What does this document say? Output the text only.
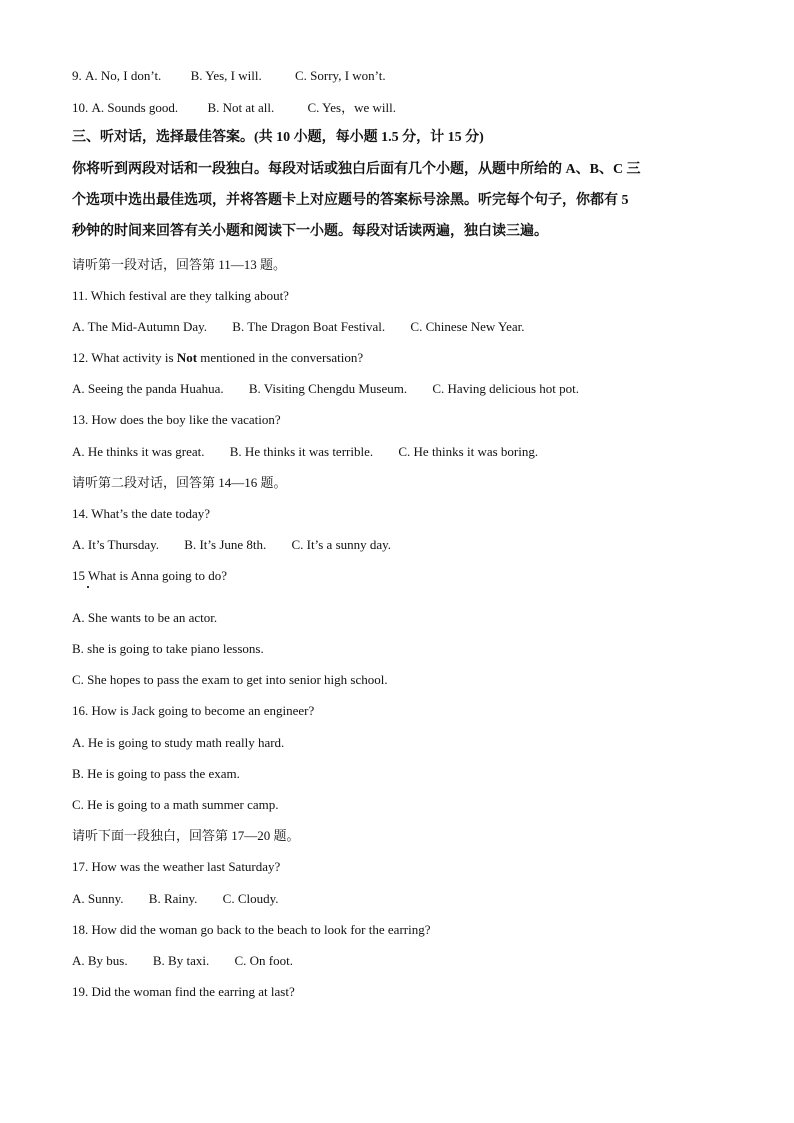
9. A. No, I don’t. B. Yes, I will.	C. Sorry, I won’t.
10. A. Sounds good. B. Not at all.	C. Yes，we will.
三、听对话，选择最佳答案。(共 10 小题，每小题 1.5 分，计 15 分)
你将听到两段对话和一段独白。每段对话或独白后面有几个小题，从题中所给的 A、B、C 三
个选项中选出最佳选项，并将答题卡上对应题号的答案标号涂黑。听完每个句子，你都有 5
秒钟的时间来回答有关小题和阅读下一小题。每段对话读两遍，独白读三遍。
请听第一段对话，回答第 11—13 题。
11. Which festival are they talking about?
A. The Mid-Autumn Day. B. The Dragon Boat Festival. C. Chinese New Year.
12. What activity is Not mentioned in the conversation?
A. Seeing the panda Huahua. B. Visiting Chengdu Museum. C. Having delicious hot pot.
13. How does the boy like the vacation?
A. He thinks it was great. B. He thinks it was terrible. C. He thinks it was boring.
请听第二段对话，回答第 14—16 题。
14. What’s the date today?
A. It’s Thursday. B. It’s June 8th. C. It’s a sunny day.
15 What is Anna going to do?
A. She wants to be an actor.
B. she is going to take piano lessons.
C. She hopes to pass the exam to get into senior high school.
16. How is Jack going to become an engineer?
A. He is going to study math really hard.
B. He is going to pass the exam.
C. He is going to a math summer camp.
请听下面一段独白，回答第 17—20 题。
17. How was the weather last Saturday?
A. Sunny. B. Rainy. C. Cloudy.
18. How did the woman go back to the beach to look for the earring?
A. By bus. B. By taxi. C. On foot.
19. Did the woman find the earring at last?
